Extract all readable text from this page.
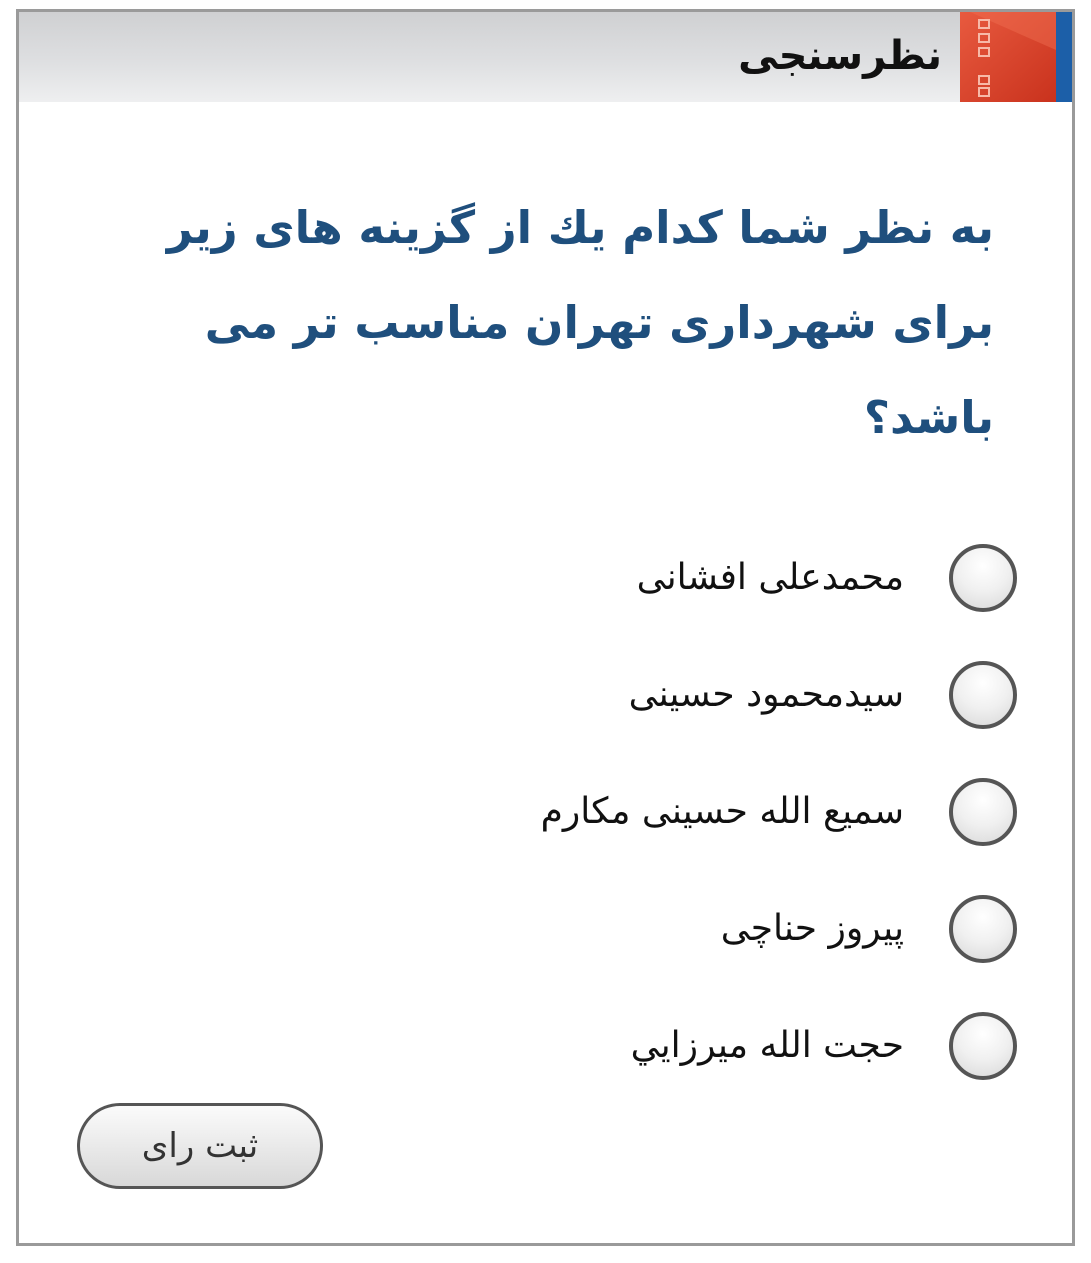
نظرسنجی

به نظر شما كدام يك از گزينه های زير برای شهرداری تهران مناسب تر می باشد؟

محمدعلی افشانی
سیدمحمود حسینی
سمیع الله حسینی مکارم
پیروز حناچی
حجت الله میرزايي
ثبت رای
